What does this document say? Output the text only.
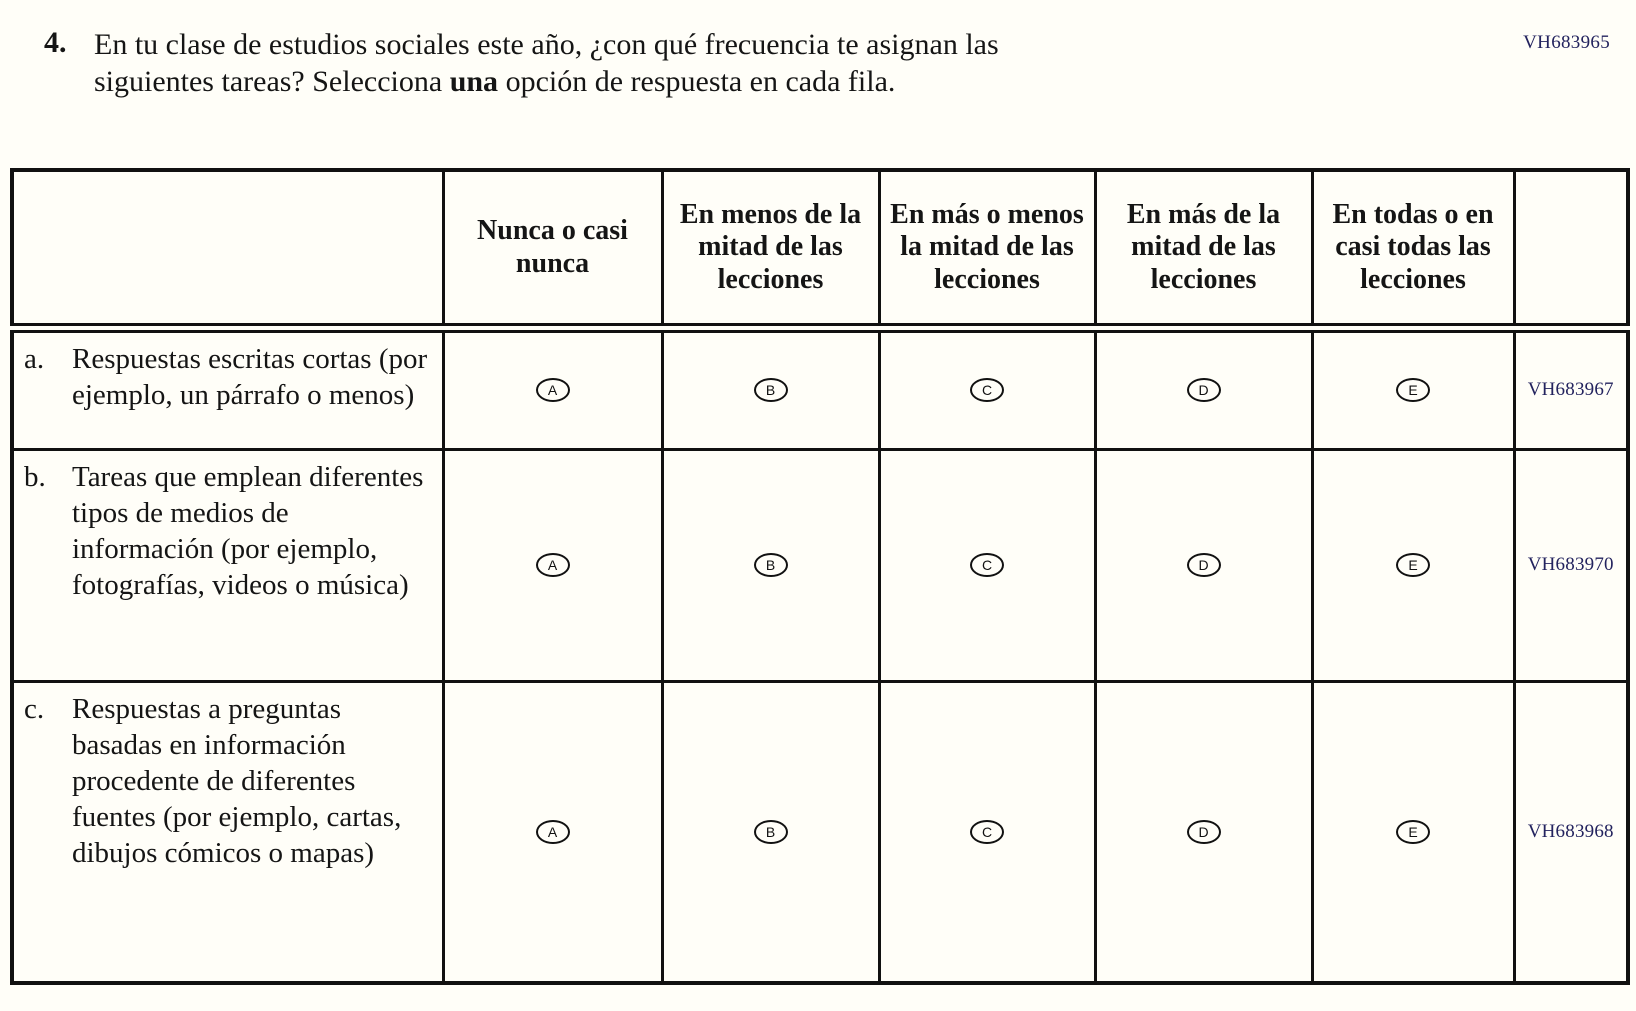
VH683965
4. En tu clase de estudios sociales este año, ¿con qué frecuencia te asignan las
siguientes tareas? Selecciona una opción de respuesta en cada fila.
	Nunca o casi nunca	En menos de la mitad de las lecciones	En más o menos la mitad de las lecciones	En más de la mitad de las lecciones	En todas o en casi todas las lecciones	

a. Respuestas escritas cortas (por ejemplo, un párrafo o menos)	A	B	C	D	E	VH683967

b. Tareas que emplean diferentes tipos de medios de información (por ejemplo, fotografías, videos o música)	A	B	C	D	E	VH683970

c. Respuestas a preguntas basadas en información procedente de diferentes fuentes (por ejemplo, cartas, dibujos cómicos o mapas)	A	B	C	D	E	VH683968
